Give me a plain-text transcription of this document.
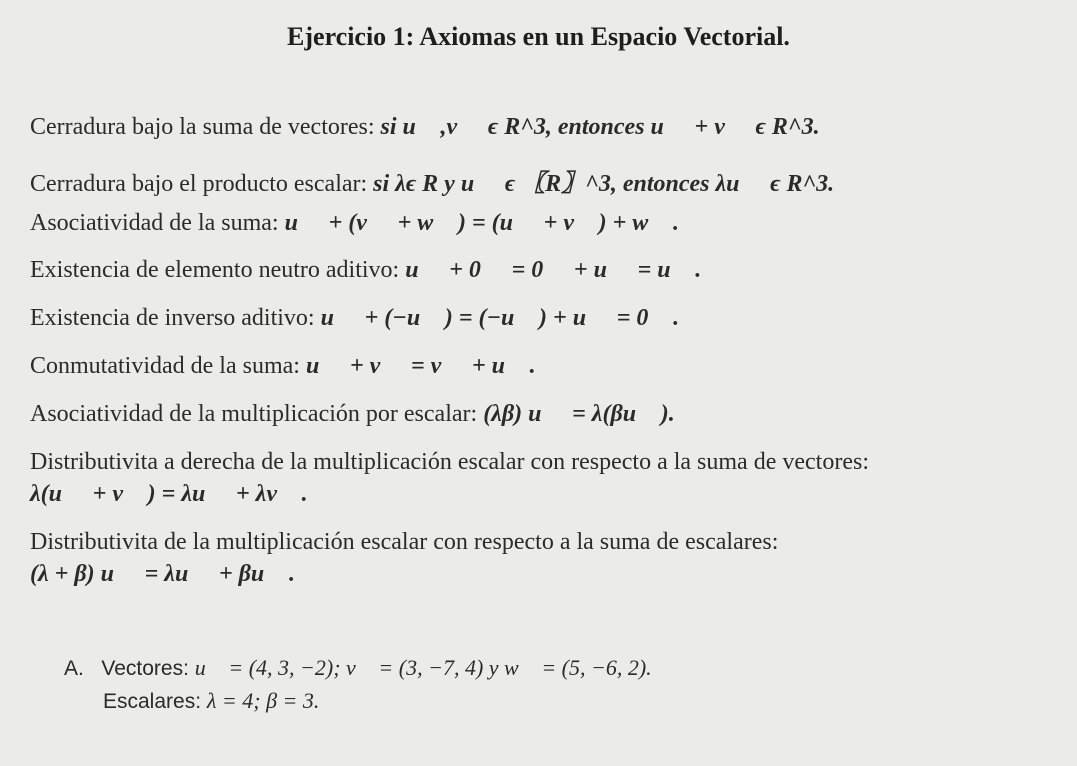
Ejercicio 1: Axiomas en un Espacio Vectorial.
Cerradura bajo la suma de vectores: si u ⃗,v ⃗ ϵ R^3, entonces u ⃗ + v ⃗ ϵ R^3.
Cerradura bajo el producto escalar: si λϵ R y u ⃗ ϵ 〖R〗^3, entonces λu ⃗ ϵ R^3.
Asociatividad de la suma: u ⃗ + (v ⃗ + w ⃗) = (u ⃗ + v ⃗) + w ⃗.
Existencia de elemento neutro aditivo: u ⃗ + 0 ⃗ = 0 ⃗ + u ⃗ = u ⃗.
Existencia de inverso aditivo: u ⃗ + (−u ⃗) = (−u ⃗) + u ⃗ = 0 ⃗.
Conmutatividad de la suma: u ⃗ + v ⃗ = v ⃗ + u ⃗.
Asociatividad de la multiplicación por escalar: (λβ) u ⃗ = λ(βu ⃗).
Distributivita a derecha de la multiplicación escalar con respecto a la suma de vectores:
λ(u ⃗ + v ⃗) = λu ⃗ + λv ⃗.
Distributivita de la multiplicación escalar con respecto a la suma de escalares:
(λ + β) u ⃗ = λu ⃗ + βu ⃗.
A. Vectores: u⃗ = (4, 3, −2); v⃗ = (3, −7, 4) y w⃗ = (5, −6, 2).
Escalares: λ = 4; β = 3.
